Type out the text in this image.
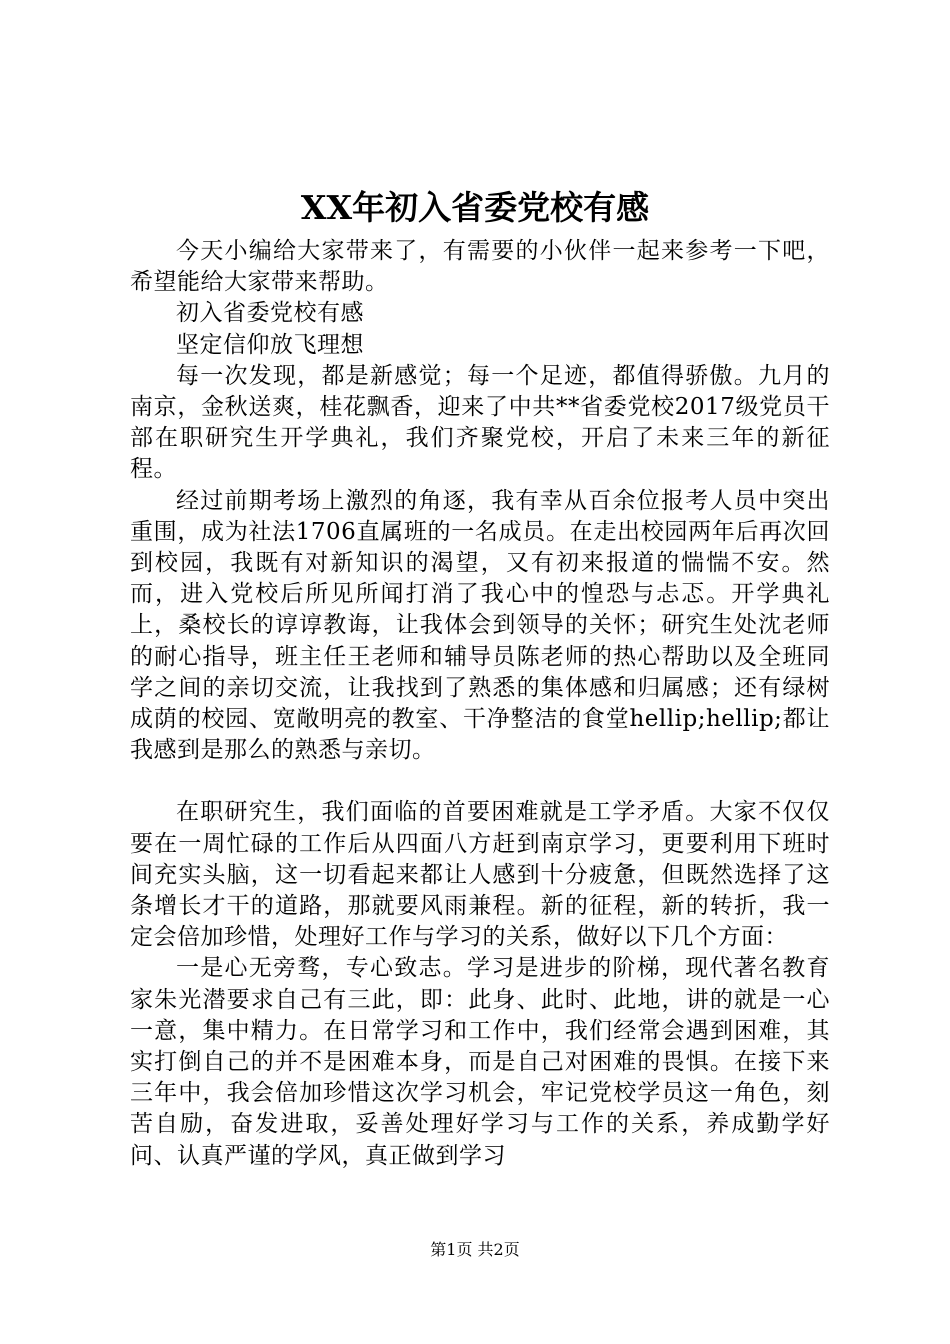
XX年初入省委党校有感

今天小编给大家带来了，有需要的小伙伴一起来参考一下吧，希望能给大家带来帮助。

初入省委党校有感

坚定信仰放飞理想

每一次发现，都是新感觉；每一个足迹，都值得骄傲。九月的南京，金秋送爽，桂花飘香，迎来了中共**省委党校2017级党员干部在职研究生开学典礼，我们齐聚党校，开启了未来三年的新征程。

经过前期考场上激烈的角逐，我有幸从百余位报考人员中突出重围，成为社法1706直属班的一名成员。在走出校园两年后再次回到校园，我既有对新知识的渴望，又有初来报道的惴惴不安。然而，进入党校后所见所闻打消了我心中的惶恐与忐忑。开学典礼上，桑校长的谆谆教诲，让我体会到领导的关怀；研究生处沈老师的耐心指导，班主任王老师和辅导员陈老师的热心帮助以及全班同学之间的亲切交流，让我找到了熟悉的集体感和归属感；还有绿树成荫的校园、宽敞明亮的教室、干净整洁的食堂hellip;hellip;都让我感到是那么的熟悉与亲切。

在职研究生，我们面临的首要困难就是工学矛盾。大家不仅仅要在一周忙碌的工作后从四面八方赶到南京学习，更要利用下班时间充实头脑，这一切看起来都让人感到十分疲惫，但既然选择了这条增长才干的道路，那就要风雨兼程。新的征程，新的转折，我一定会倍加珍惜，处理好工作与学习的关系，做好以下几个方面：

一是心无旁骛，专心致志。学习是进步的阶梯，现代著名教育家朱光潜要求自己有三此，即：此身、此时、此地，讲的就是一心一意，集中精力。在日常学习和工作中，我们经常会遇到困难，其实打倒自己的并不是困难本身，而是自己对困难的畏惧。在接下来三年中，我会倍加珍惜这次学习机会，牢记党校学员这一角色，刻苦自励，奋发进取，妥善处理好学习与工作的关系，养成勤学好问、认真严谨的学风，真正做到学习

第1页 共2页
